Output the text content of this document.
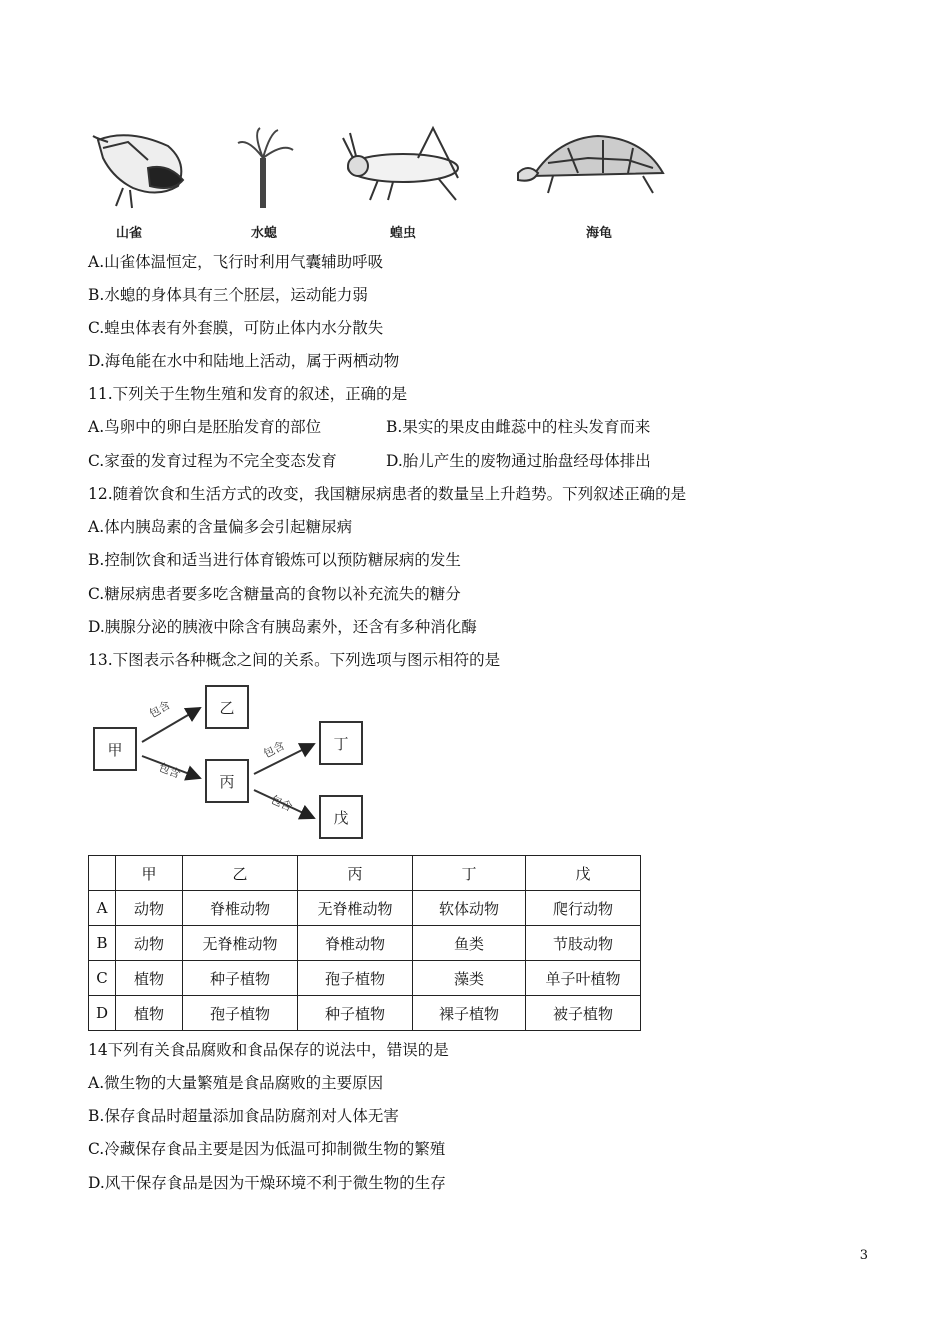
山雀	水螅	蝗虫	海龟
A.山雀体温恒定，飞行时利用气囊辅助呼吸
B.水螅的身体具有三个胚层，运动能力弱
C.蝗虫体表有外套膜，可防止体内水分散失
D.海龟能在水中和陆地上活动，属于两栖动物
11.下列关于生物生殖和发育的叙述，正确的是
A.鸟卵中的卵白是胚胎发育的部位	B.果实的果皮由雌蕊中的柱头发育而来
C.家蚕的发育过程为不完全变态发育	D.胎儿产生的废物通过胎盘经母体排出
12.随着饮食和生活方式的改变，我国糖尿病患者的数量呈上升趋势。下列叙述正确的是
A.体内胰岛素的含量偏多会引起糖尿病
B.控制饮食和适当进行体育锻炼可以预防糖尿病的发生
C.糖尿病患者要多吃含糖量高的食物以补充流失的糖分
D.胰腺分泌的胰液中除含有胰岛素外，还含有多种消化酶
13.下图表示各种概念之间的关系。下列选项与图示相符的是
甲
乙
丙
丁
戊
包含
包含
包含
包含
	甲	乙	丙	丁	戊
A	动物	脊椎动物	无脊椎动物	软体动物	爬行动物
B	动物	无脊椎动物	脊椎动物	鱼类	节肢动物
C	植物	种子植物	孢子植物	藻类	单子叶植物
D	植物	孢子植物	种子植物	裸子植物	被子植物
14下列有关食品腐败和食品保存的说法中，错误的是
A.微生物的大量繁殖是食品腐败的主要原因
B.保存食品时超量添加食品防腐剂对人体无害
C.冷藏保存食品主要是因为低温可抑制微生物的繁殖
D.风干保存食品是因为干燥环境不利于微生物的生存
3
